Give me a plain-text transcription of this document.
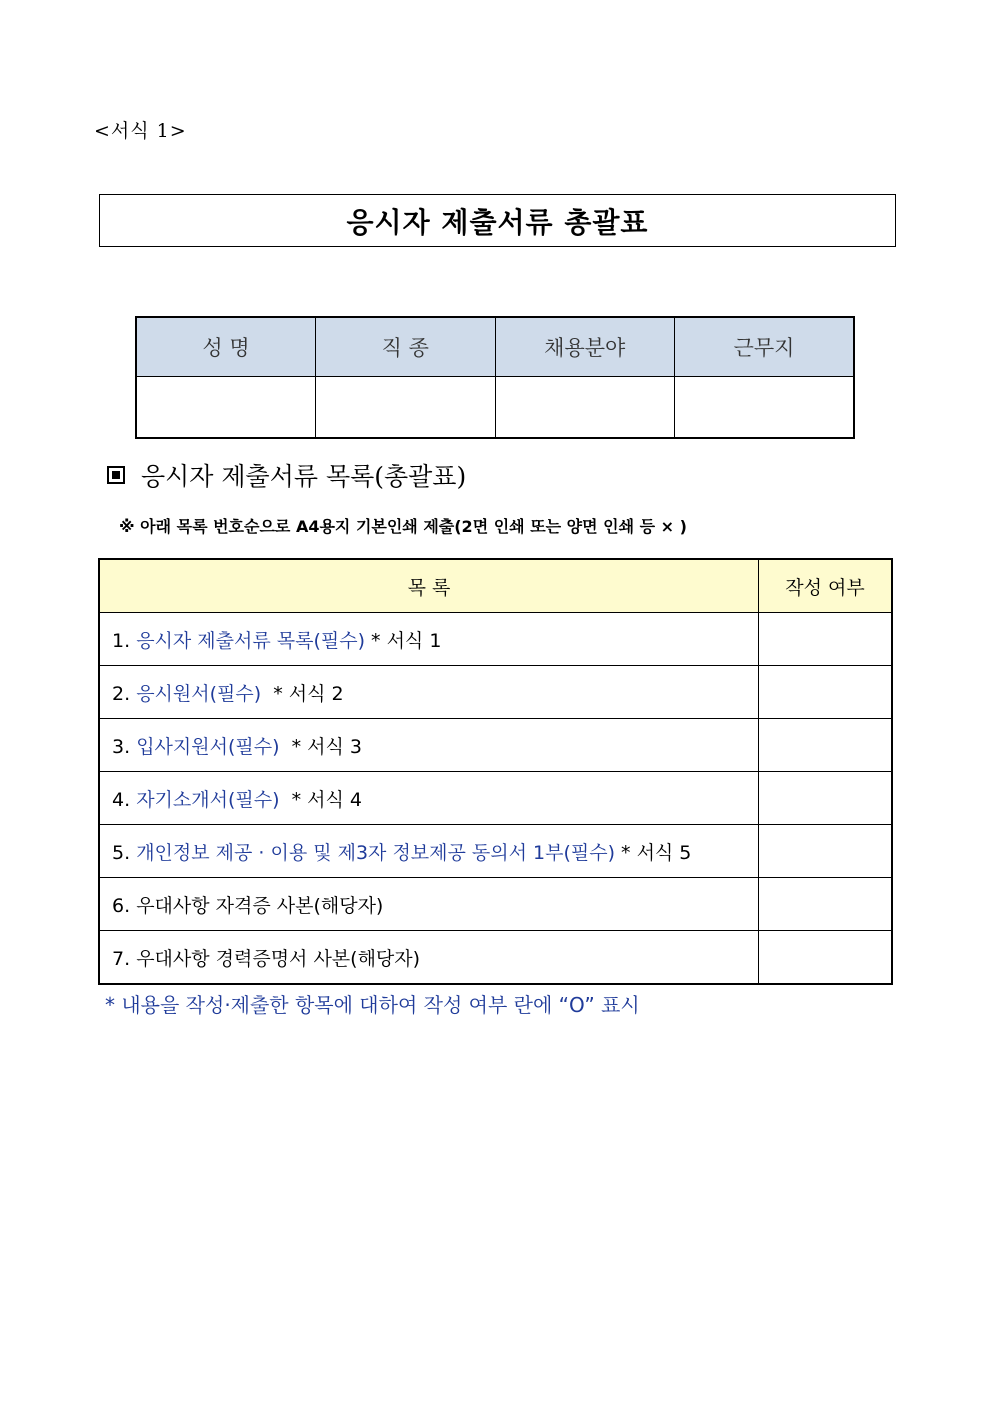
<서식 1>
응시자 제출서류 총괄표
성 명	직 종	채용분야	근무지

응시자 제출서류 목록(총괄표)
※ 아래 목록 번호순으로 A4용지 기본인쇄 제출(2면 인쇄 또는 양면 인쇄 등 × )
목 록	작성 여부
1. 응시자 제출서류 목록(필수) * 서식 1	
2. 응시원서(필수)  * 서식 2	
3. 입사지원서(필수)  * 서식 3	
4. 자기소개서(필수)  * 서식 4	
5. 개인정보 제공 · 이용 및 제3자 정보제공 동의서 1부(필수) * 서식 5	
6. 우대사항 자격증 사본(해당자)	
7. 우대사항 경력증명서 사본(해당자)	
* 내용을 작성·제출한 항목에 대하여 작성 여부 란에 “O” 표시
